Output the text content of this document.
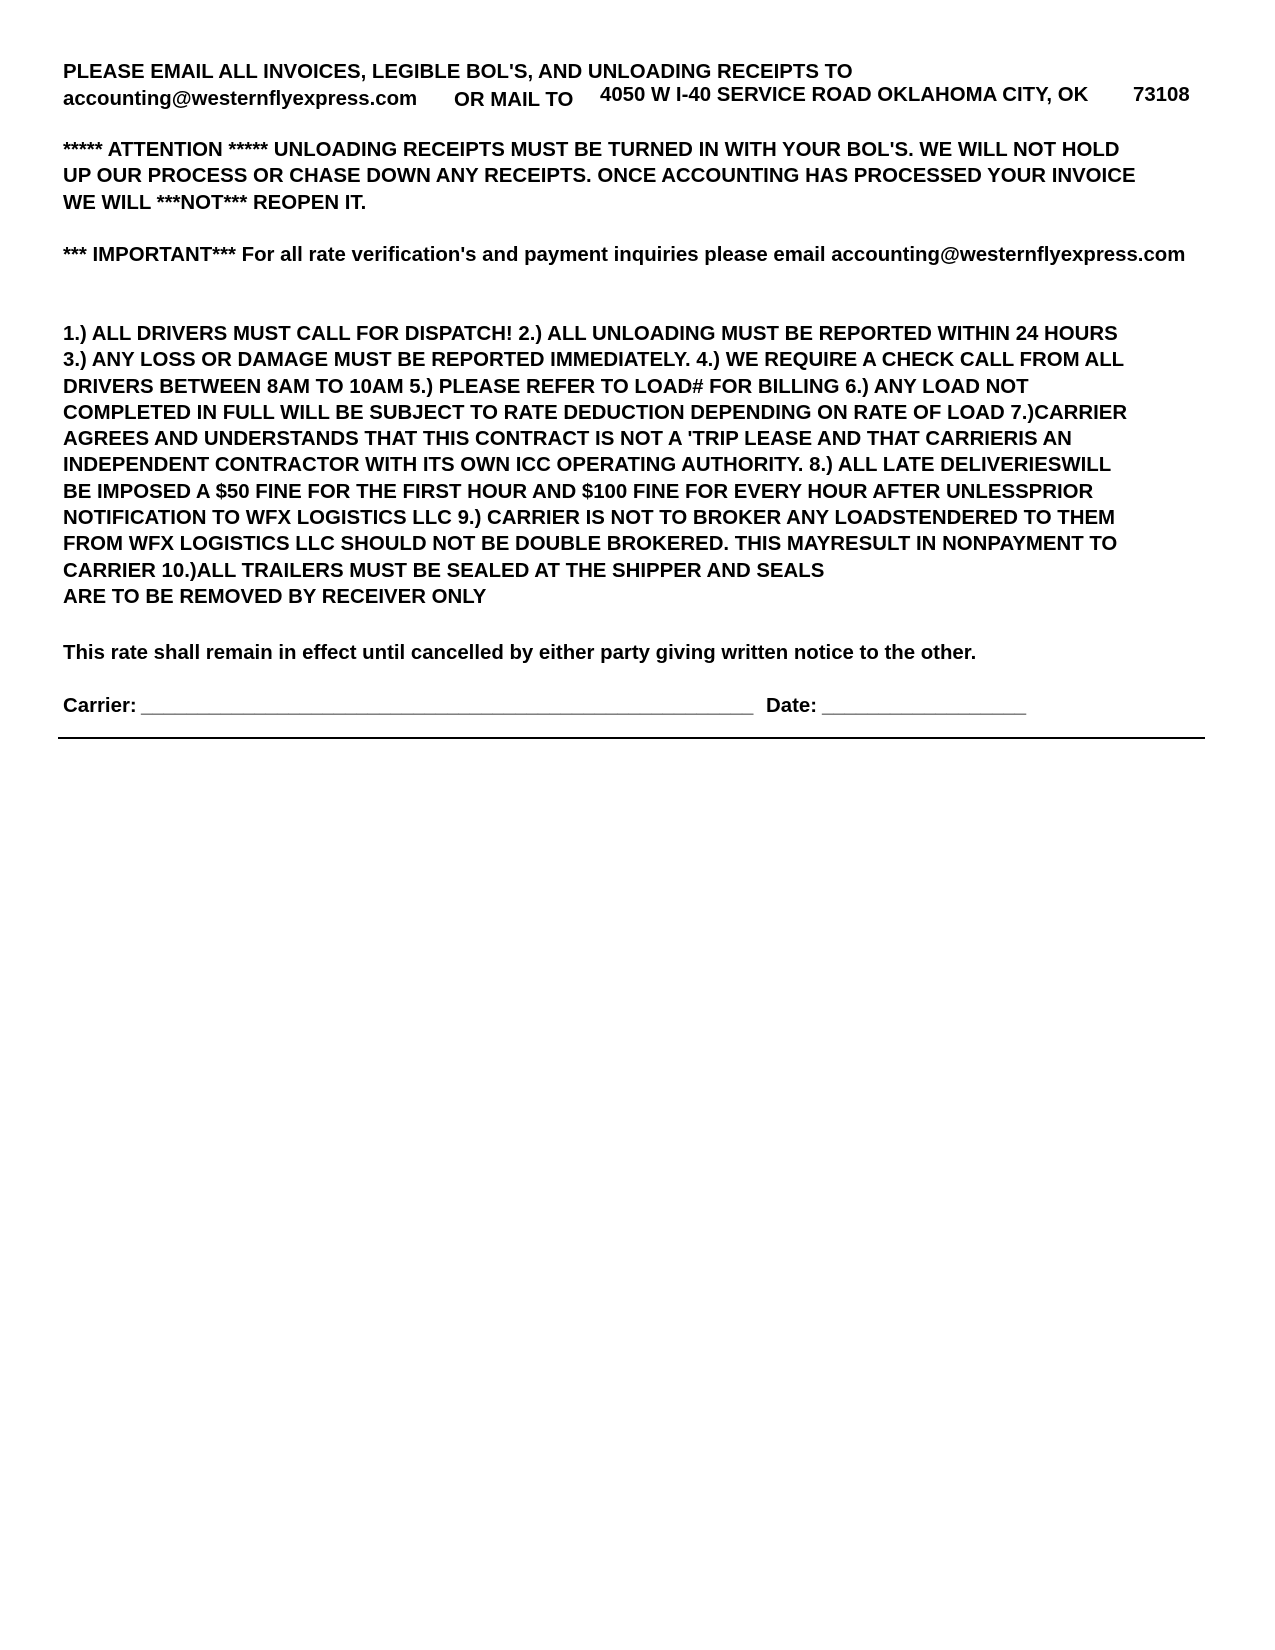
PLEASE EMAIL ALL INVOICES, LEGIBLE BOL'S, AND UNLOADING RECEIPTS TO
accounting@westernflyexpress.com OR MAIL TO 4050 W I-40 SERVICE ROAD OKLAHOMA CITY, OK 73108
***** ATTENTION ***** UNLOADING RECEIPTS MUST BE TURNED IN WITH YOUR BOL'S. WE WILL NOT HOLD
UP OUR PROCESS OR CHASE DOWN ANY RECEIPTS. ONCE ACCOUNTING HAS PROCESSED YOUR INVOICE
WE WILL ***NOT*** REOPEN IT.
*** IMPORTANT*** For all rate verification's and payment inquiries please email accounting@westernflyexpress.com
1.) ALL DRIVERS MUST CALL FOR DISPATCH! 2.) ALL UNLOADING MUST BE REPORTED WITHIN 24 HOURS
3.) ANY LOSS OR DAMAGE MUST BE REPORTED IMMEDIATELY. 4.) WE REQUIRE A CHECK CALL FROM ALL
DRIVERS BETWEEN 8AM TO 10AM 5.) PLEASE REFER TO LOAD# FOR BILLING 6.) ANY LOAD NOT
COMPLETED IN FULL WILL BE SUBJECT TO RATE DEDUCTION DEPENDING ON RATE OF LOAD 7.)CARRIER
AGREES AND UNDERSTANDS THAT THIS CONTRACT IS NOT A 'TRIP LEASE AND THAT CARRIERIS AN
INDEPENDENT CONTRACTOR WITH ITS OWN ICC OPERATING AUTHORITY. 8.) ALL LATE DELIVERIESWILL
BE IMPOSED A $50 FINE FOR THE FIRST HOUR AND $100 FINE FOR EVERY HOUR AFTER UNLESSPRIOR
NOTIFICATION TO WFX LOGISTICS LLC 9.) CARRIER IS NOT TO BROKER ANY LOADSTENDERED TO THEM
FROM WFX LOGISTICS LLC SHOULD NOT BE DOUBLE BROKERED. THIS MAYRESULT IN NONPAYMENT TO
CARRIER 10.)ALL TRAILERS MUST BE SEALED AT THE SHIPPER AND SEALS
ARE TO BE REMOVED BY RECEIVER ONLY
This rate shall remain in effect until cancelled by either party giving written notice to the other.
Carrier: ______________________________________________________ Date: __________________
